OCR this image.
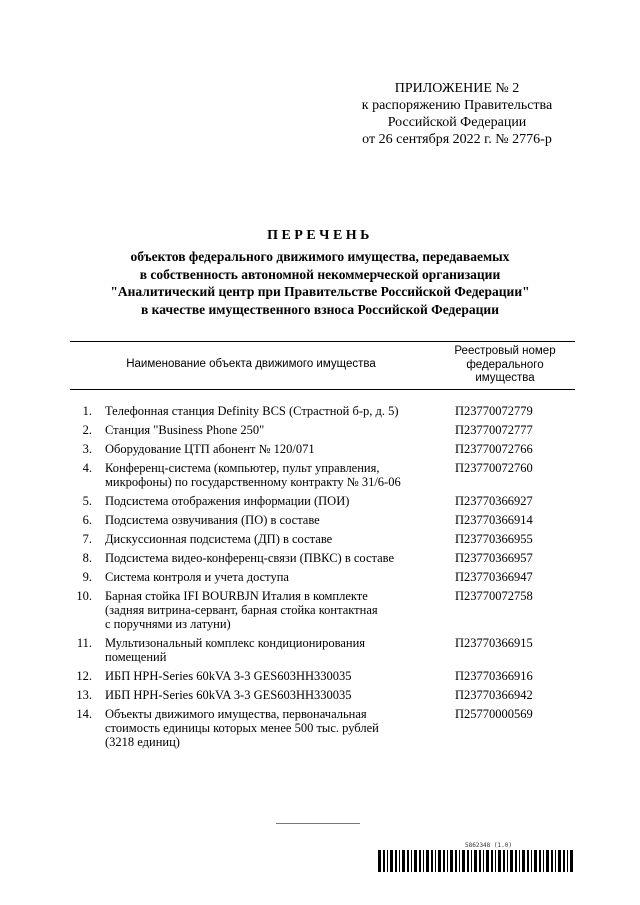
ПРИЛОЖЕНИЕ № 2
к распоряжению Правительства
Российской Федерации
от 26 сентября 2022 г. № 2776-р
ПЕРЕЧЕНЬ
объектов федерального движимого имущества, передаваемых
в собственность автономной некоммерческой организации
"Аналитический центр при Правительстве Российской Федерации"
в качестве имущественного взноса Российской Федерации
Наименование объекта движимого имущества
Реестровый номер
федерального
имущества
1. Телефонная станция Definity BCS (Страстной б-р, д. 5)	П23770072779
2. Станция "Business Phone 250"	П23770072777
3. Оборудование ЦТП абонент № 120/071	П23770072766
4. Конференц-система (компьютер, пульт управления,
микрофоны) по государственному контракту № 31/6-06
П23770072760
5. Подсистема отображения информации (ПОИ)	П23770366927
6. Подсистема озвучивания (ПО) в составе	П23770366914
7. Дискуссионная подсистема (ДП) в составе	П23770366955
8. Подсистема видео-конференц-связи (ПВКС) в составе	П23770366957
9. Система контроля и учета доступа	П23770366947
10. Барная стойка IFI BOURBJN Италия в комплекте
(задняя витрина-сервант, барная стойка контактная
с поручнями из латуни)
П23770072758
11. Мультизональный комплекс кондиционирования
помещений
П23770366915
12. ИБП HPH-Series 60kVA 3-3 GES603HH330035	П23770366916
13. ИБП HPH-Series 60kVA 3-3 GES603HH330035	П23770366942
14. Объекты движимого имущества, первоначальная
стоимость единицы которых менее 500 тыс. рублей
(3218 единиц)
П25770000569
5862348 (1.0)
